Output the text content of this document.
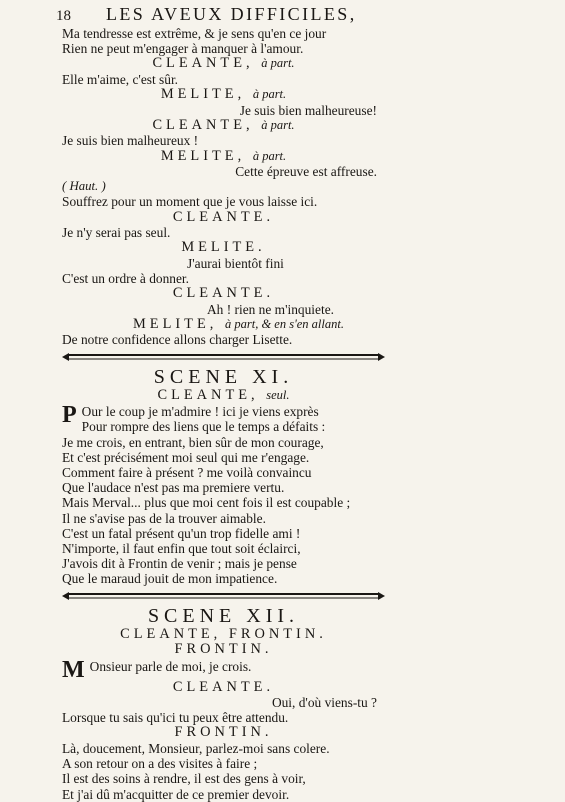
18	LES AVEUX DIFFICILES,
Ma tendresse est extrême, & je sens qu'en ce jour
Rien ne peut m'engager à manquer à l'amour.
CLEANTE, à part.
Elle m'aime, c'est sûr.
MELITE, à part.
Je suis bien malheureuse!
CLEANTE, à part.
Je suis bien malheureux !
MELITE, à part.
Cette épreuve est affreuse.
( Haut. )
Souffrez pour un moment que je vous laisse ici.
CLEANTE.
Je n'y serai pas seul.
MELITE.
J'aurai bientôt fini
C'est un ordre à donner.
CLEANTE.
Ah ! rien ne m'inquiete.
MELITE, à part, & en s'en allant.
De notre confidence allons charger Lisette.
SCENE XI.
CLEANTE, seul.
P Our le coup je m'admire ! ici je viens exprès
Pour rompre des liens que le temps a défaits :
Je me crois, en entrant, bien sûr de mon courage,
Et c'est précisément moi seul qui me r'engage.
Comment faire à présent ? me voilà convaincu
Que l'audace n'est pas ma premiere vertu.
Mais Merval... plus que moi cent fois il est coupable ;
Il ne s'avise pas de la trouver aimable.
C'est un fatal présent qu'un trop fidelle ami !
N'importe, il faut enfin que tout soit éclairci,
J'avois dit à Frontin de venir ; mais je pense
Que le maraud jouit de mon impatience.
SCENE XII.
CLEANTE, FRONTIN.
FRONTIN.
M Onsieur parle de moi, je crois.
CLEANTE.
Oui, d'où viens-tu ?
Lorsque tu sais qu'ici tu peux être attendu.
FRONTIN.
Là, doucement, Monsieur, parlez-moi sans colere.
A son retour on a des visites à faire ;
Il est des soins à rendre, il est des gens à voir,
Et j'ai dû m'acquitter de ce premier devoir.
